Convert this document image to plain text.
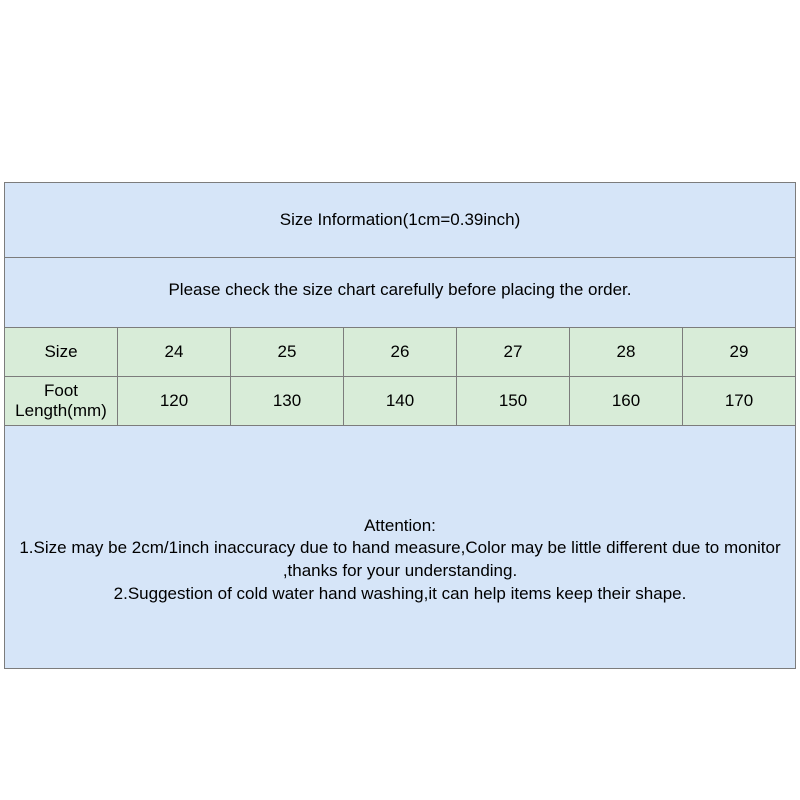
Size Information(1cm=0.39inch)						
Please check the size chart carefully before placing the order.						
Size	24	25	26	27	28	29
Foot Length(mm)	120	130	140	150	160	170

Attention:
1.Size may be 2cm/1inch inaccuracy due to hand measure,Color may be little different due to monitor ,thanks for your understanding.
2.Suggestion of cold water hand washing,it can help items keep their shape.						
